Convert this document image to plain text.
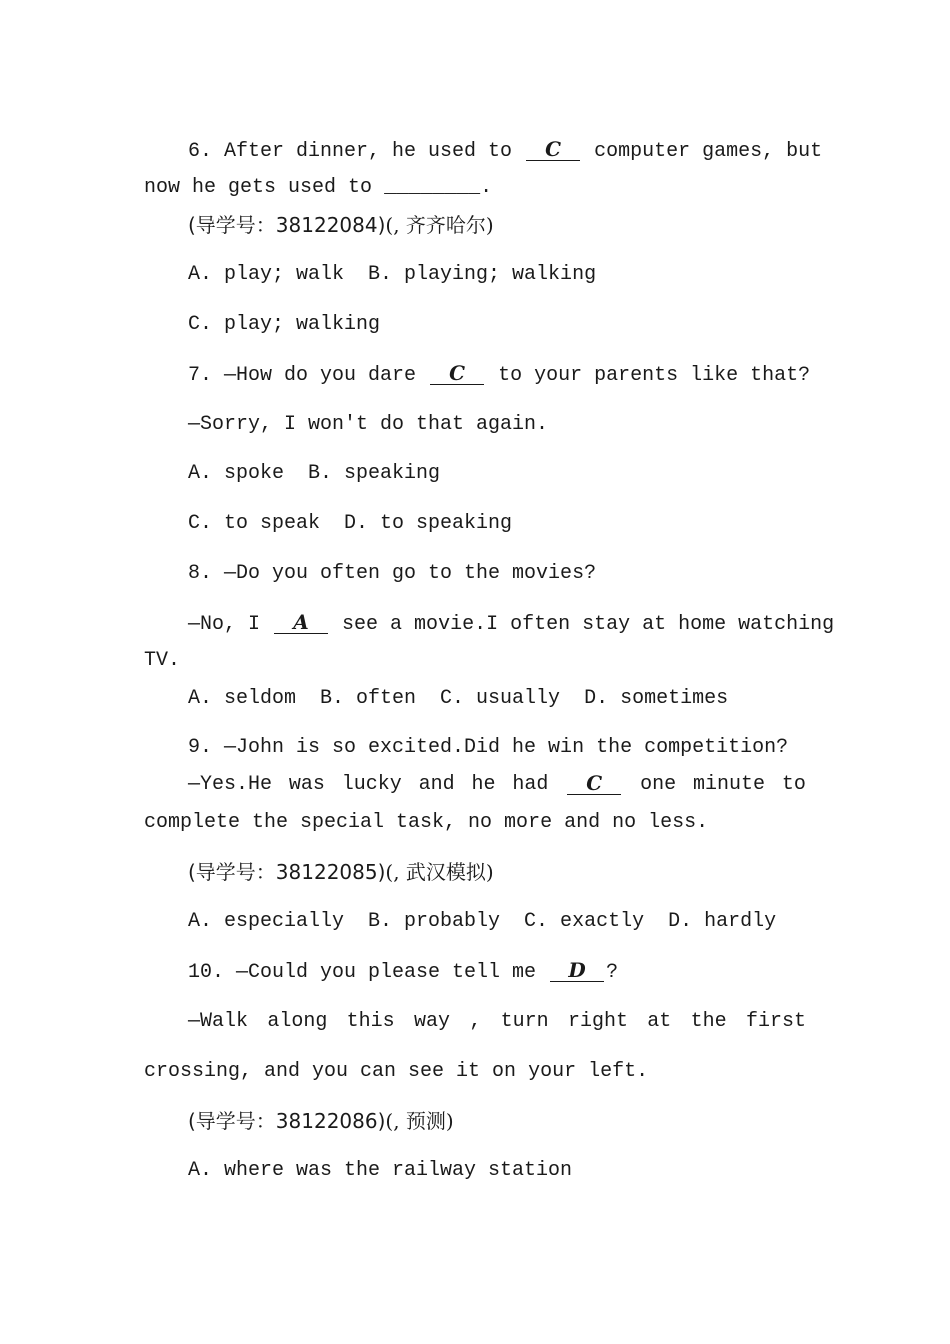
6. After dinner, he used to C computer games, but
now he gets used to ________.
(导学号：38122084)(, 齐齐哈尔)
A. play; walk  B. playing; walking
C. play; walking
7. —How do you dare C to your parents like that?
—Sorry, I won't do that again.
A. spoke  B. speaking
C. to speak  D. to speaking
8. —Do you often go to the movies?
—No, I A see a movie.I often stay at home watching
TV.
A. seldom  B. often  C. usually  D. sometimes
9. —John is so excited.Did he win the competition?
—Yes.He was lucky and he had	C	one minute to
complete the special task, no more and no less.
(导学号：38122085)(, 武汉模拟)
A. especially  B. probably  C. exactly  D. hardly
10. —Could you please tell me D ?
—Walk along this way , turn right at the first
crossing, and you can see it on your left.
(导学号：38122086)(, 预测)
A. where was the railway station
